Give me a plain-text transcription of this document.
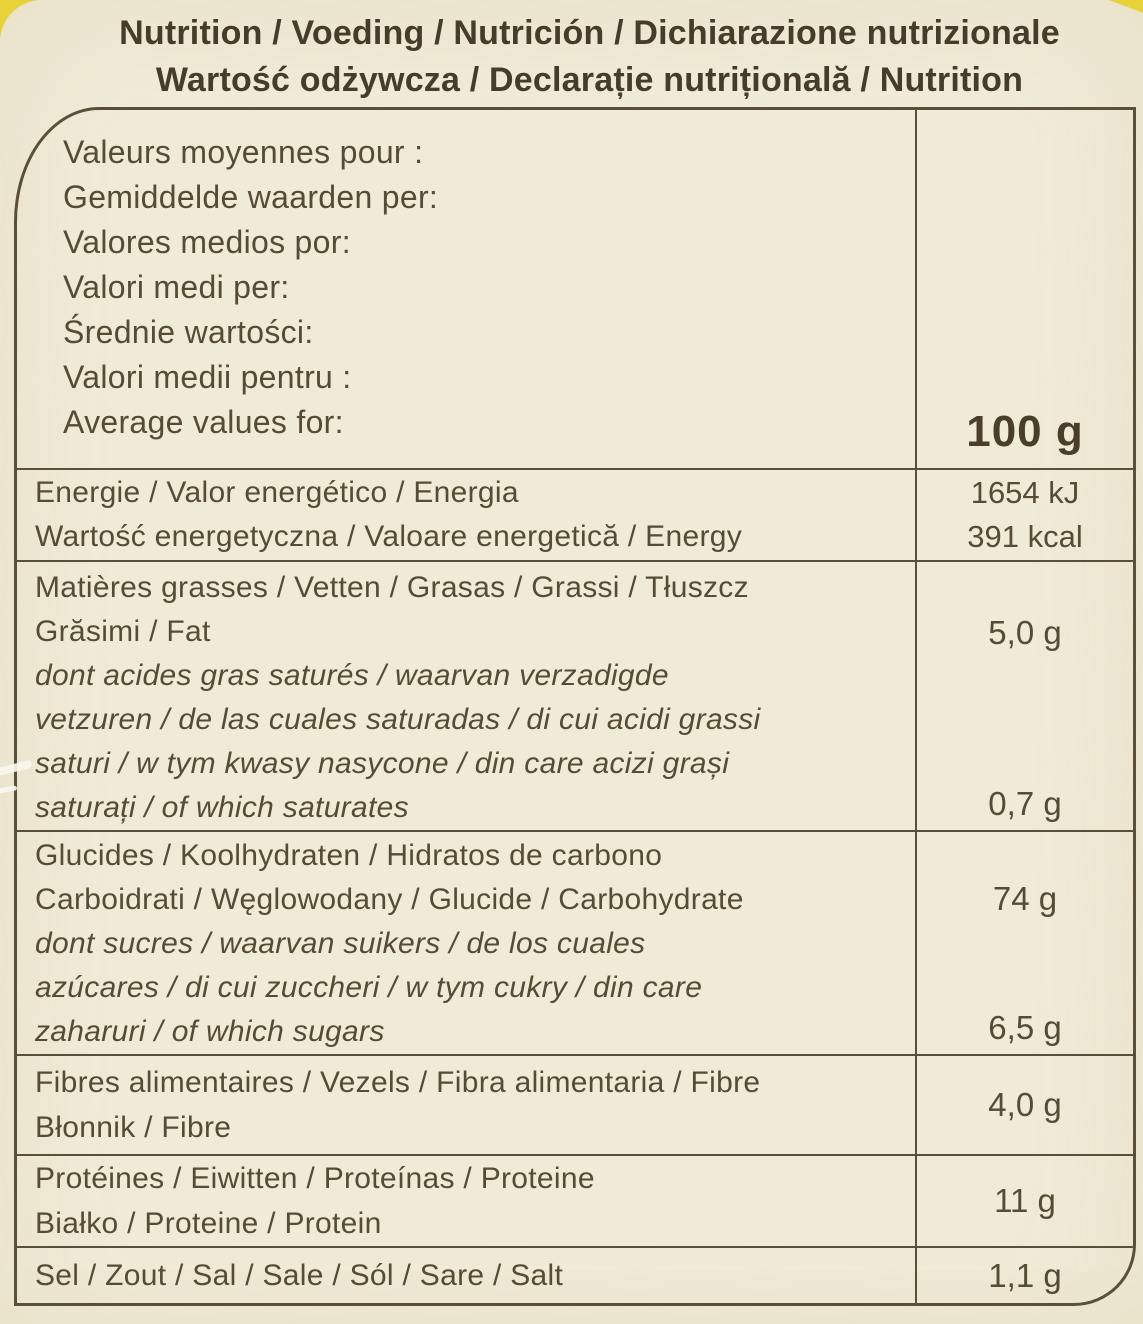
Nutrition / Voeding / Nutrición / Dichiarazione nutrizionale
Wartość odżywcza / Declarație nutrițională / Nutrition
Valeurs moyennes pour :
Gemiddelde waarden per:
Valores medios por:
Valori medi per:
Średnie wartości:
Valori medii pentru :
Average values for:	100 g
Energie / Valor energético / Energia
Wartość energetyczna / Valoare energetică / Energy
1654 kJ
391 kcal
Matières grasses / Vetten / Grasas / Grassi / Tłuszcz
Grăsimi / Fat
dont acides gras saturés / waarvan verzadigde
vetzuren / de las cuales saturadas / di cui acidi grassi
saturi / w tym kwasy nasycone / din care acizi grași
saturați / of which saturates
5,0 g
0,7 g
Glucides / Koolhydraten / Hidratos de carbono
Carboidrati / Węglowodany / Glucide / Carbohydrate
dont sucres / waarvan suikers / de los cuales
azúcares / di cui zuccheri / w tym cukry / din care
zaharuri / of which sugars
74 g
6,5 g
Fibres alimentaires / Vezels / Fibra alimentaria / Fibre
Błonnik / Fibre
4,0 g
Protéines / Eiwitten / Proteínas / Proteine
Białko / Proteine / Protein
11 g
Sel / Zout / Sal / Sale / Sól / Sare / Salt	1,1 g
